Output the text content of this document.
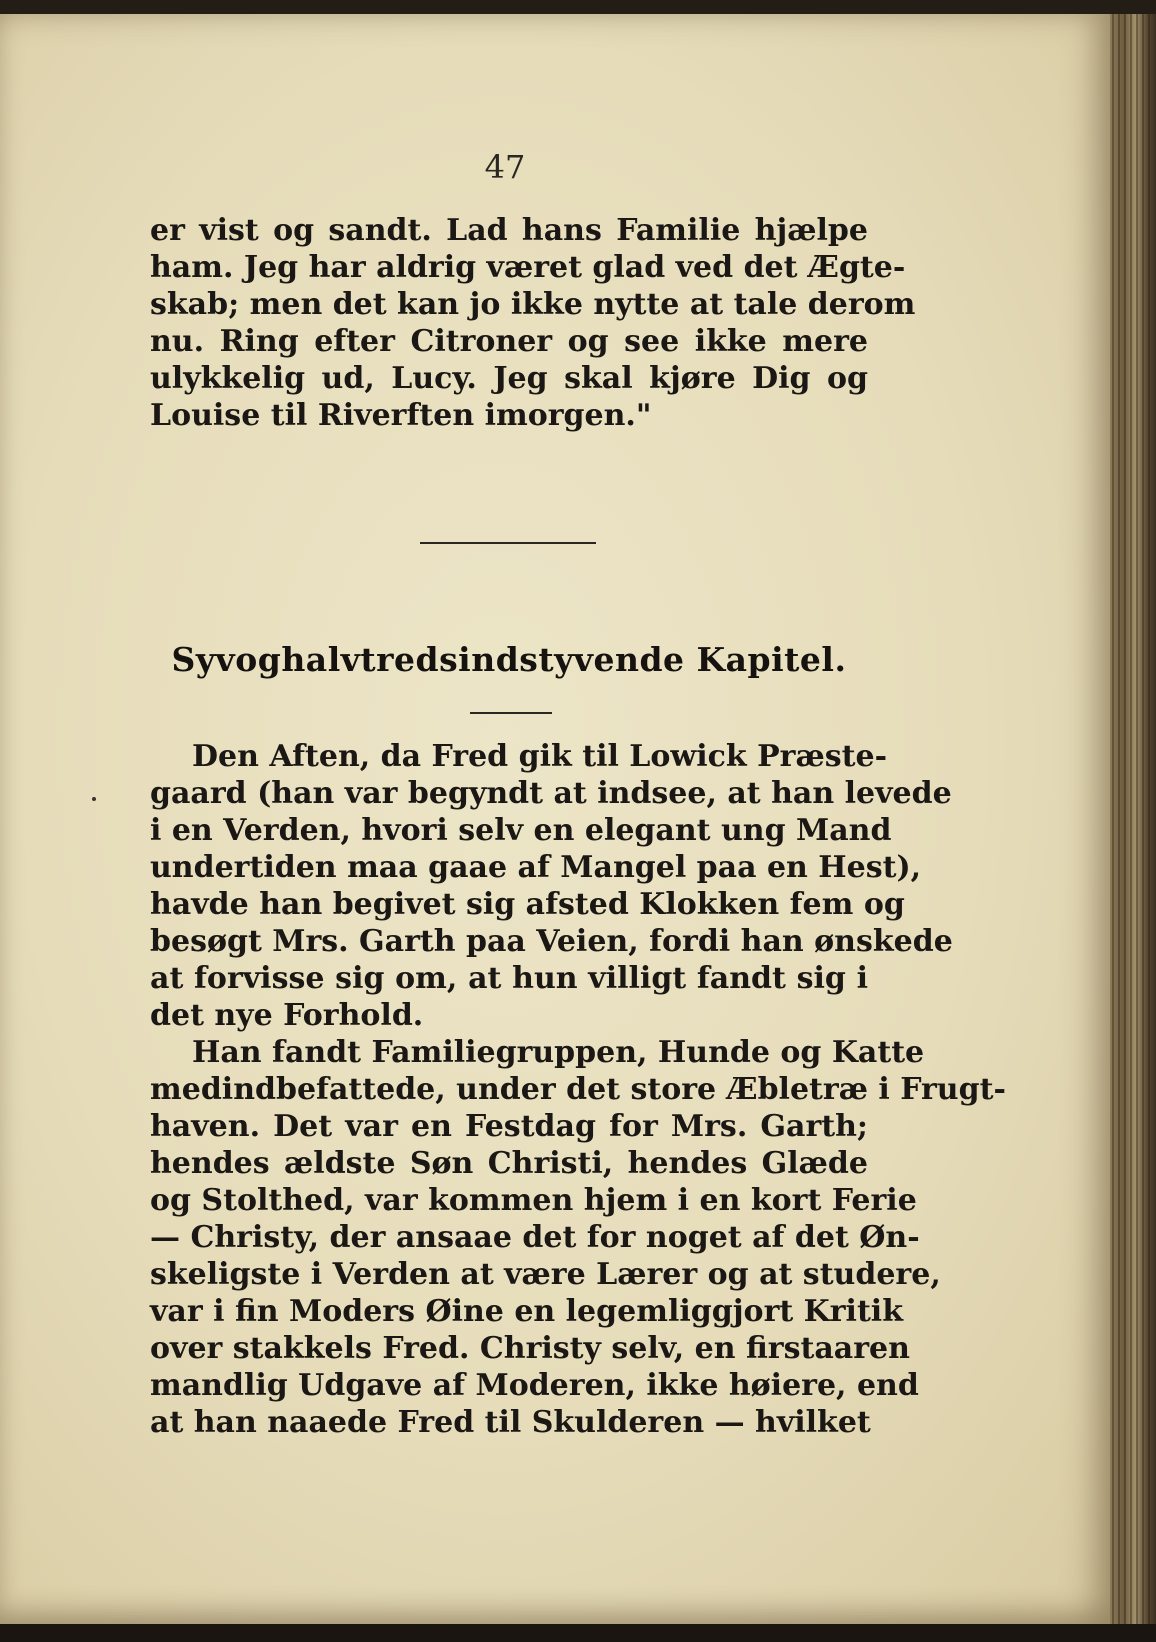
47
er vist og sandt. Lad hans Familie hjælpe
ham. Jeg har aldrig været glad ved det Ægte-
skab; men det kan jo ikke nytte at tale derom
nu. Ring efter Citroner og see ikke mere
ulykkelig ud, Lucy. Jeg skal kjøre Dig og
Louise til Riverften imorgen."
Syvoghalvtredsindstyvende Kapitel.
Den Aften, da Fred gik til Lowick Præste-
gaard (han var begyndt at indsee, at han levede
i en Verden, hvori selv en elegant ung Mand
undertiden maa gaae af Mangel paa en Hest),
havde han begivet sig afsted Klokken fem og
besøgt Mrs. Garth paa Veien, fordi han ønskede
at forvisse sig om, at hun villigt fandt sig i
det nye Forhold.
Han fandt Familiegruppen, Hunde og Katte
medindbefattede, under det store Æbletræ i Frugt-
haven. Det var en Festdag for Mrs. Garth;
hendes ældste Søn Christi, hendes Glæde
og Stolthed, var kommen hjem i en kort Ferie
— Christy, der ansaae det for noget af det Øn-
skeligste i Verden at være Lærer og at studere,
var i fin Moders Øine en legemliggjort Kritik
over stakkels Fred. Christy selv, en firstaaren
mandlig Udgave af Moderen, ikke høiere, end
at han naaede Fred til Skulderen — hvilket
